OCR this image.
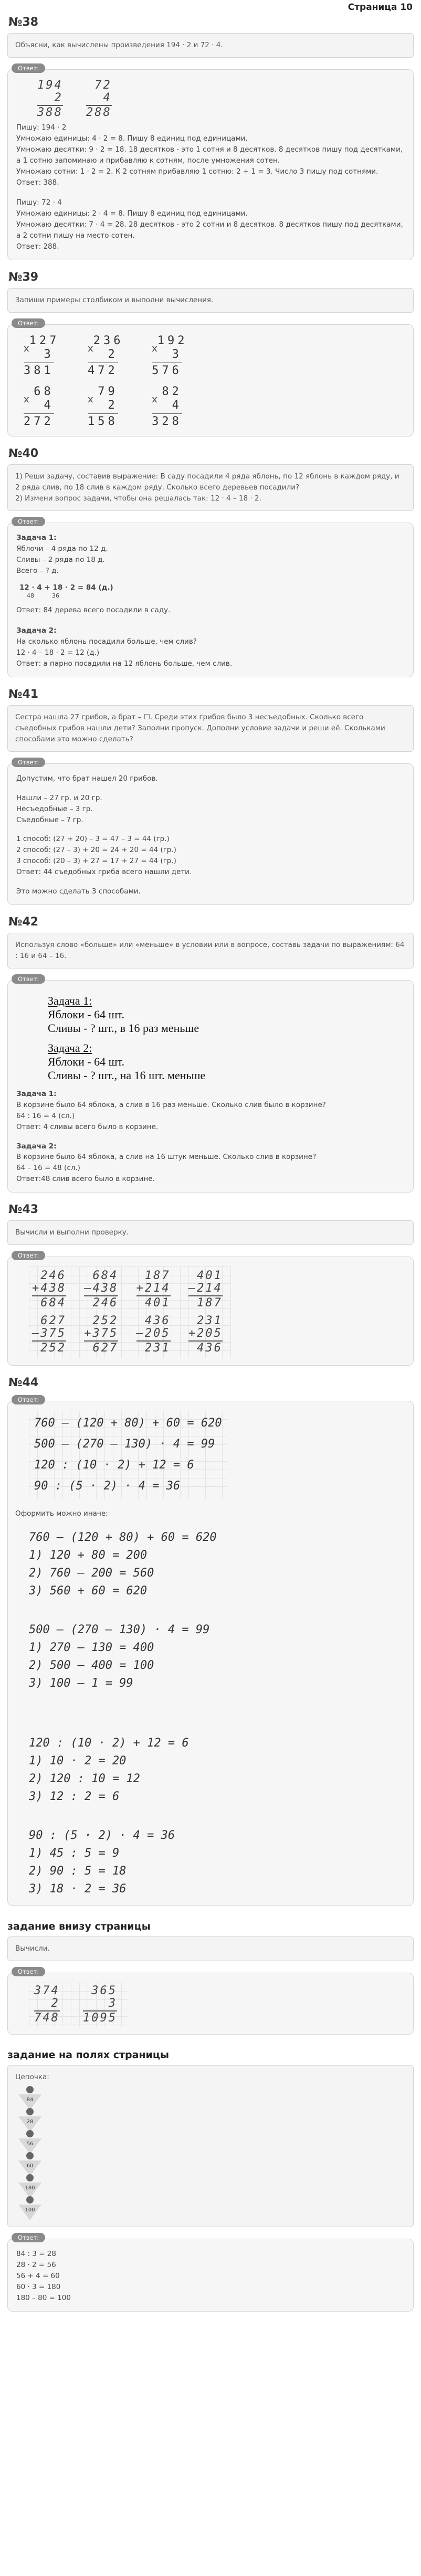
Страница 10
№38
Объясни, как вычислены произведения 194 · 2 и 72 · 4.
Ответ:
194
2
388

72
4
288

Пишу: 194 · 2

Умножаю единицы: 4 · 2 = 8. Пишу 8 единиц под единицами.

Умножаю десятки: 9 · 2 = 18. 18 десятков - это 1 сотня и 8 десятков. 8 десятков пишу под десятками, а 1 сотню запоминаю и прибавляю к сотням, после умножения сотен.

Умножаю сотни: 1 · 2 = 2. К 2 сотням прибавляю 1 сотню: 2 + 1 = 3. Число 3 пишу под сотнями.

Ответ: 388.

Пишу: 72 · 4

Умножаю единицы: 2 · 4 = 8. Пишу 8 единиц под единицами.

Умножаю десятки: 7 · 4 = 28. 28 десятков - это 2 сотни и 8 десятков. 8 десятков пишу под десятками, а 2 сотни пишу на место сотен.

Ответ: 288.

№39
Запиши примеры столбиком и выполни вычисления.
Ответ:
x
127
3
381

x
236
2
472

x
192
3
576
x
68
4
272

x
79
2
158

x
82
4
328
№40

1) Реши задачу, составив выражение: В саду посадили 4 ряда яблонь, по 12 яблонь в каждом ряду, и 2 ряда слив, по 18 слив в каждом ряду. Сколько всего деревьев посадили?

2) Измени вопрос задачи, чтобы она решалась так: 12 · 4 – 18 · 2.

Ответ:

Задача 1:

Яблочи – 4 ряда по 12 д.

Сливы – 2 ряда по 18 д.

Всего – ? д.

12 · 4 + 18 · 2 = 84 (д.)

48	36

Ответ: 84 дерева всего посадили в саду.

Задача 2:

На сколько яблонь посадили больше, чем слив?

12 · 4 – 18 · 2 = 12 (д.)

Ответ: а парно посадили на 12 яблонь больше, чем слив.

№41
Сестра нашла 27 грибов, а брат – ☐. Среди этих грибов было 3 несъедобных. Сколько всего съедобных грибов нашли дети? Заполни пропуск. Дополни условие задачи и реши её. Скольками способами это можно сделать?
Ответ:

Допустим, что брат нашел 20 грибов.

Нашли – 27 гр. и 20 гр.

Несъедобные – 3 гр.

Съедобные – ? гр.

1 способ: (27 + 20) – 3 = 47 – 3 = 44 (гр.)

2 способ: (27 – 3) + 20 = 24 + 20 = 44 (гр.)

3 способ: (20 – 3) + 27 = 17 + 27 = 44 (гр.)

Ответ: 44 съедобных гриба всего нашли дети.

Это можно сделать 3 способами.

№42
Используя слово «больше» или «меньше» в условии или в вопросе, составь задачи по выражениям: 64 : 16 и 64 – 16.
Ответ:

Задача 1:

Яблоки - 64 шт.

Сливы - ? шт., в 16 раз меньше

Задача 2:

Яблоки - 64 шт.

Сливы - ? шт., на 16 шт. меньше

Задача 1:

В корзине было 64 яблока, а слив в 16 раз меньше. Сколько слив было в корзине?

64 : 16 = 4 (сл.)

Ответ: 4 сливы всего было в корзине.

Задача 2:

В корзине было 64 яблока, а слив на 16 штук меньше. Сколько слив в корзине?

64 – 16 = 48 (сл.)

Ответ:48 слив всего было в корзине.

№43
Вычисли и выполни проверку.
Ответ:
246
+438
684

684
–438
246

187
+214
401

401
–214
187
627
–375
252

252
+375
627

436
–205
231

231
+205
436
№44
Ответ:
760 – (120 + 80) + 60 = 620
500 – (270 – 130) · 4 = 99
120 : (10 · 2) + 12 = 6
90 : (5 · 2) · 4 = 36

Оформить можно иначе:

760 – (120 + 80) + 60 = 620
1) 120 + 80 = 200
2) 760 – 200 = 560
3) 560 + 60 = 620
500 – (270 – 130) · 4 = 99
1) 270 – 130 = 400
2) 500 – 400 = 100
3) 100 – 1 = 99
120 : (10 · 2) + 12 = 6
1) 10 · 2 = 20
2) 120 : 10 = 12
3) 12 : 2 = 6
90 : (5 · 2) · 4 = 36
1) 45 : 5 = 9
2) 90 : 5 = 18
3) 18 · 2 = 36
задание внизу страницы
Вычисли.
Ответ:
374
2
748

365
3
1095
задание на полях страницы

Цепочка:

84
28
56
60
180
100
Ответ:

84 : 3 = 28

28 · 2 = 56

56 + 4 = 60

60 · 3 = 180

180 – 80 = 100
